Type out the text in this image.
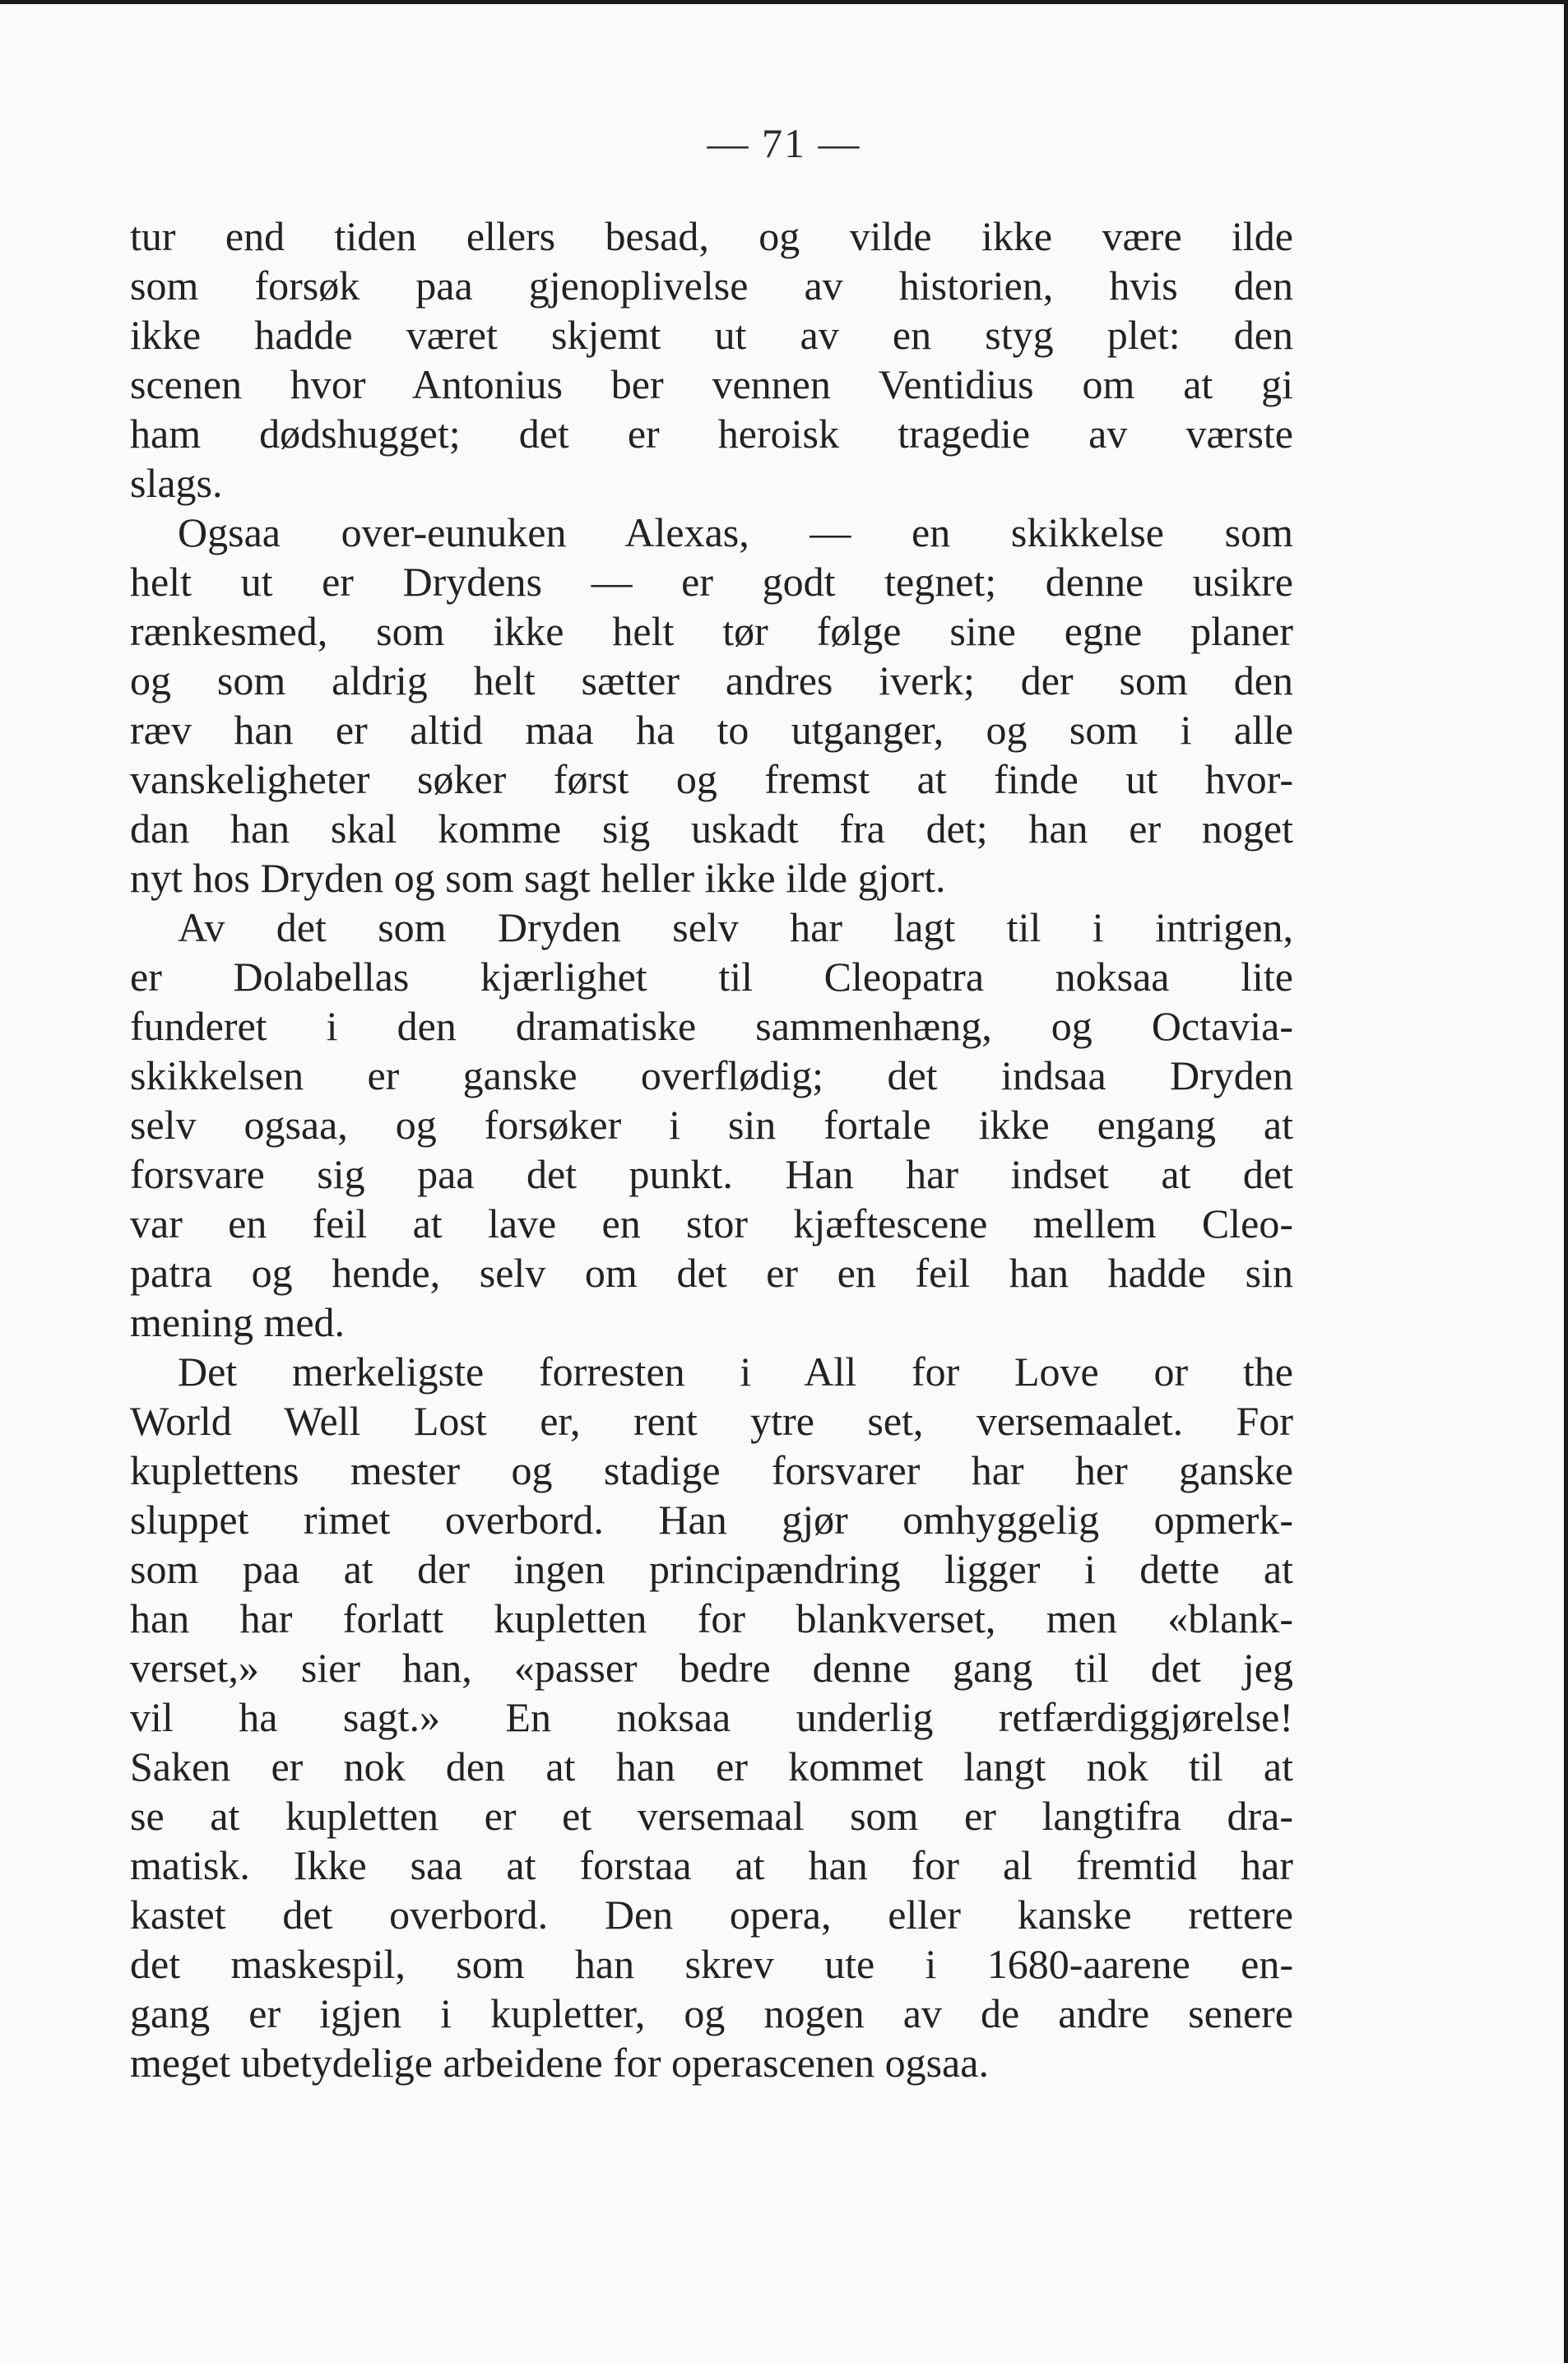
— 71 —
tur end tiden ellers besad, og vilde ikke være ilde
som forsøk paa gjenoplivelse av historien, hvis den
ikke hadde været skjemt ut av en styg plet: den
scenen hvor Antonius ber vennen Ventidius om at gi
ham dødshugget; det er heroisk tragedie av værste
slags.
Ogsaa over-eunuken Alexas, — en skikkelse som
helt ut er Drydens — er godt tegnet; denne usikre
rænkesmed, som ikke helt tør følge sine egne planer
og som aldrig helt sætter andres iverk; der som den
ræv han er altid maa ha to utganger, og som i alle
vanskeligheter søker først og fremst at finde ut hvor-
dan han skal komme sig uskadt fra det; han er noget
nyt hos Dryden og som sagt heller ikke ilde gjort.
Av det som Dryden selv har lagt til i intrigen,
er Dolabellas kjærlighet til Cleopatra noksaa lite
funderet i den dramatiske sammenhæng, og Octavia-
skikkelsen er ganske overflødig; det indsaa Dryden
selv ogsaa, og forsøker i sin fortale ikke engang at
forsvare sig paa det punkt. Han har indset at det
var en feil at lave en stor kjæftescene mellem Cleo-
patra og hende, selv om det er en feil han hadde sin
mening med.
Det merkeligste forresten i All for Love or the
World Well Lost er, rent ytre set, versemaalet. For
kuplettens mester og stadige forsvarer har her ganske
sluppet rimet overbord. Han gjør omhyggelig opmerk-
som paa at der ingen principændring ligger i dette at
han har forlatt kupletten for blankverset, men «blank-
verset,» sier han, «passer bedre denne gang til det jeg
vil ha sagt.» En noksaa underlig retfærdiggjørelse!
Saken er nok den at han er kommet langt nok til at
se at kupletten er et versemaal som er langtifra dra-
matisk. Ikke saa at forstaa at han for al fremtid har
kastet det overbord. Den opera, eller kanske rettere
det maskespil, som han skrev ute i 1680-aarene en-
gang er igjen i kupletter, og nogen av de andre senere
meget ubetydelige arbeidene for operascenen ogsaa.
